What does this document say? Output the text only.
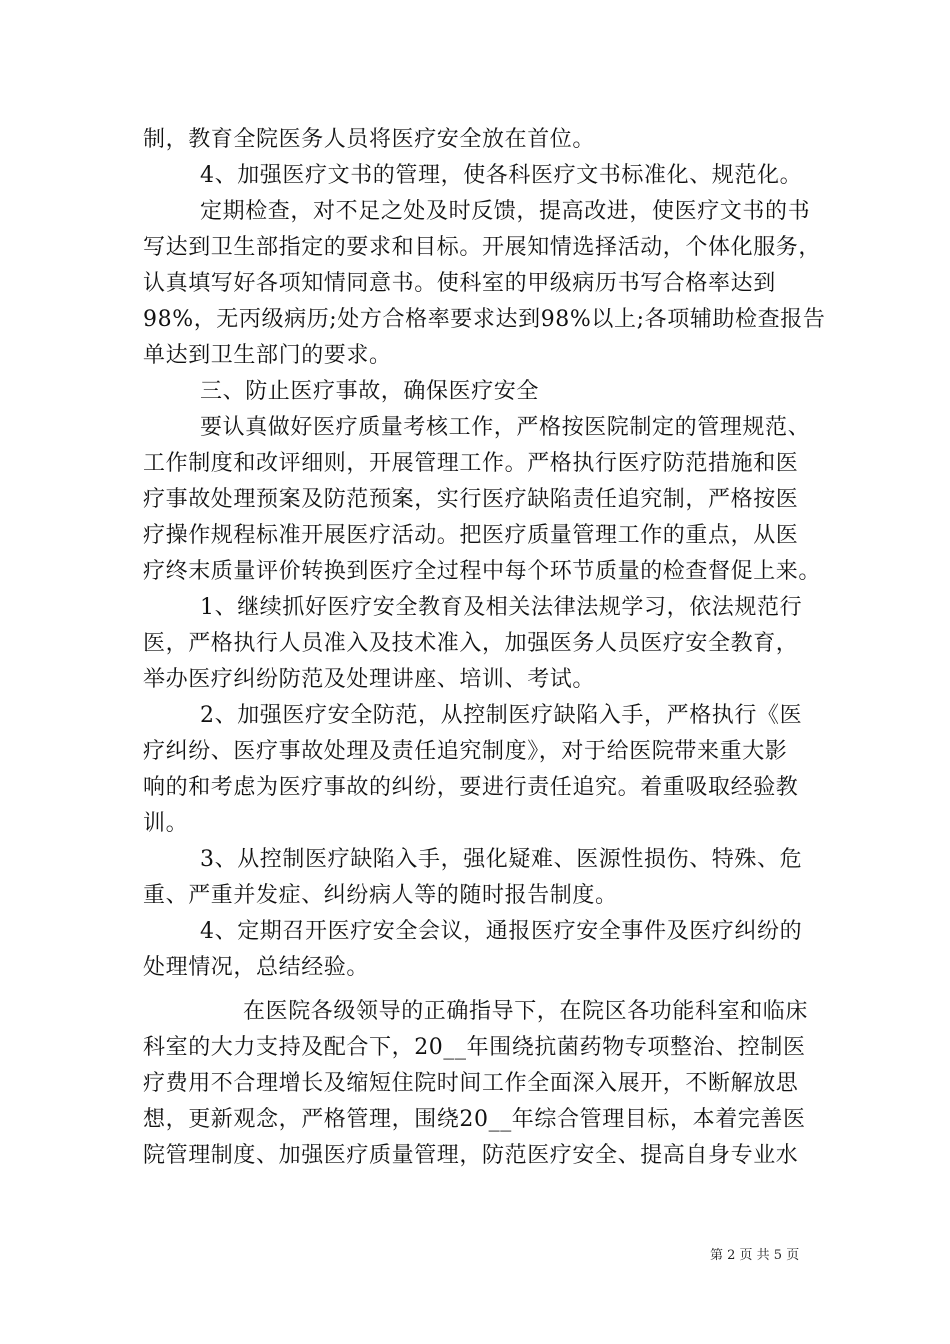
制，教育全院医务人员将医疗安全放在首位。
4、加强医疗文书的管理，使各科医疗文书标准化、规范化。
定期检查，对不足之处及时反馈，提高改进，使医疗文书的书
写达到卫生部指定的要求和目标。开展知情选择活动，个体化服务，
认真填写好各项知情同意书。使科室的甲级病历书写合格率达到
98%，无丙级病历;处方合格率要求达到98%以上;各项辅助检查报告
单达到卫生部门的要求。
三、防止医疗事故，确保医疗安全
要认真做好医疗质量考核工作，严格按医院制定的管理规范、
工作制度和改评细则，开展管理工作。严格执行医疗防范措施和医
疗事故处理预案及防范预案，实行医疗缺陷责任追究制，严格按医
疗操作规程标准开展医疗活动。把医疗质量管理工作的重点，从医
疗终末质量评价转换到医疗全过程中每个环节质量的检查督促上来。
1、继续抓好医疗安全教育及相关法律法规学习，依法规范行
医，严格执行人员准入及技术准入，加强医务人员医疗安全教育，
举办医疗纠纷防范及处理讲座、培训、考试。
2、加强医疗安全防范，从控制医疗缺陷入手，严格执行《医
疗纠纷、医疗事故处理及责任追究制度》，对于给医院带来重大影
响的和考虑为医疗事故的纠纷，要进行责任追究。着重吸取经验教
训。
3、从控制医疗缺陷入手，强化疑难、医源性损伤、特殊、危
重、严重并发症、纠纷病人等的随时报告制度。
4、定期召开医疗安全会议，通报医疗安全事件及医疗纠纷的
处理情况，总结经验。
在医院各级领导的正确指导下，在院区各功能科室和临床
科室的大力支持及配合下，20__年围绕抗菌药物专项整治、控制医
疗费用不合理增长及缩短住院时间工作全面深入展开，不断解放思
想，更新观念，严格管理，围绕20__年综合管理目标，本着完善医
院管理制度、加强医疗质量管理，防范医疗安全、提高自身专业水
第 2 页 共 5 页
